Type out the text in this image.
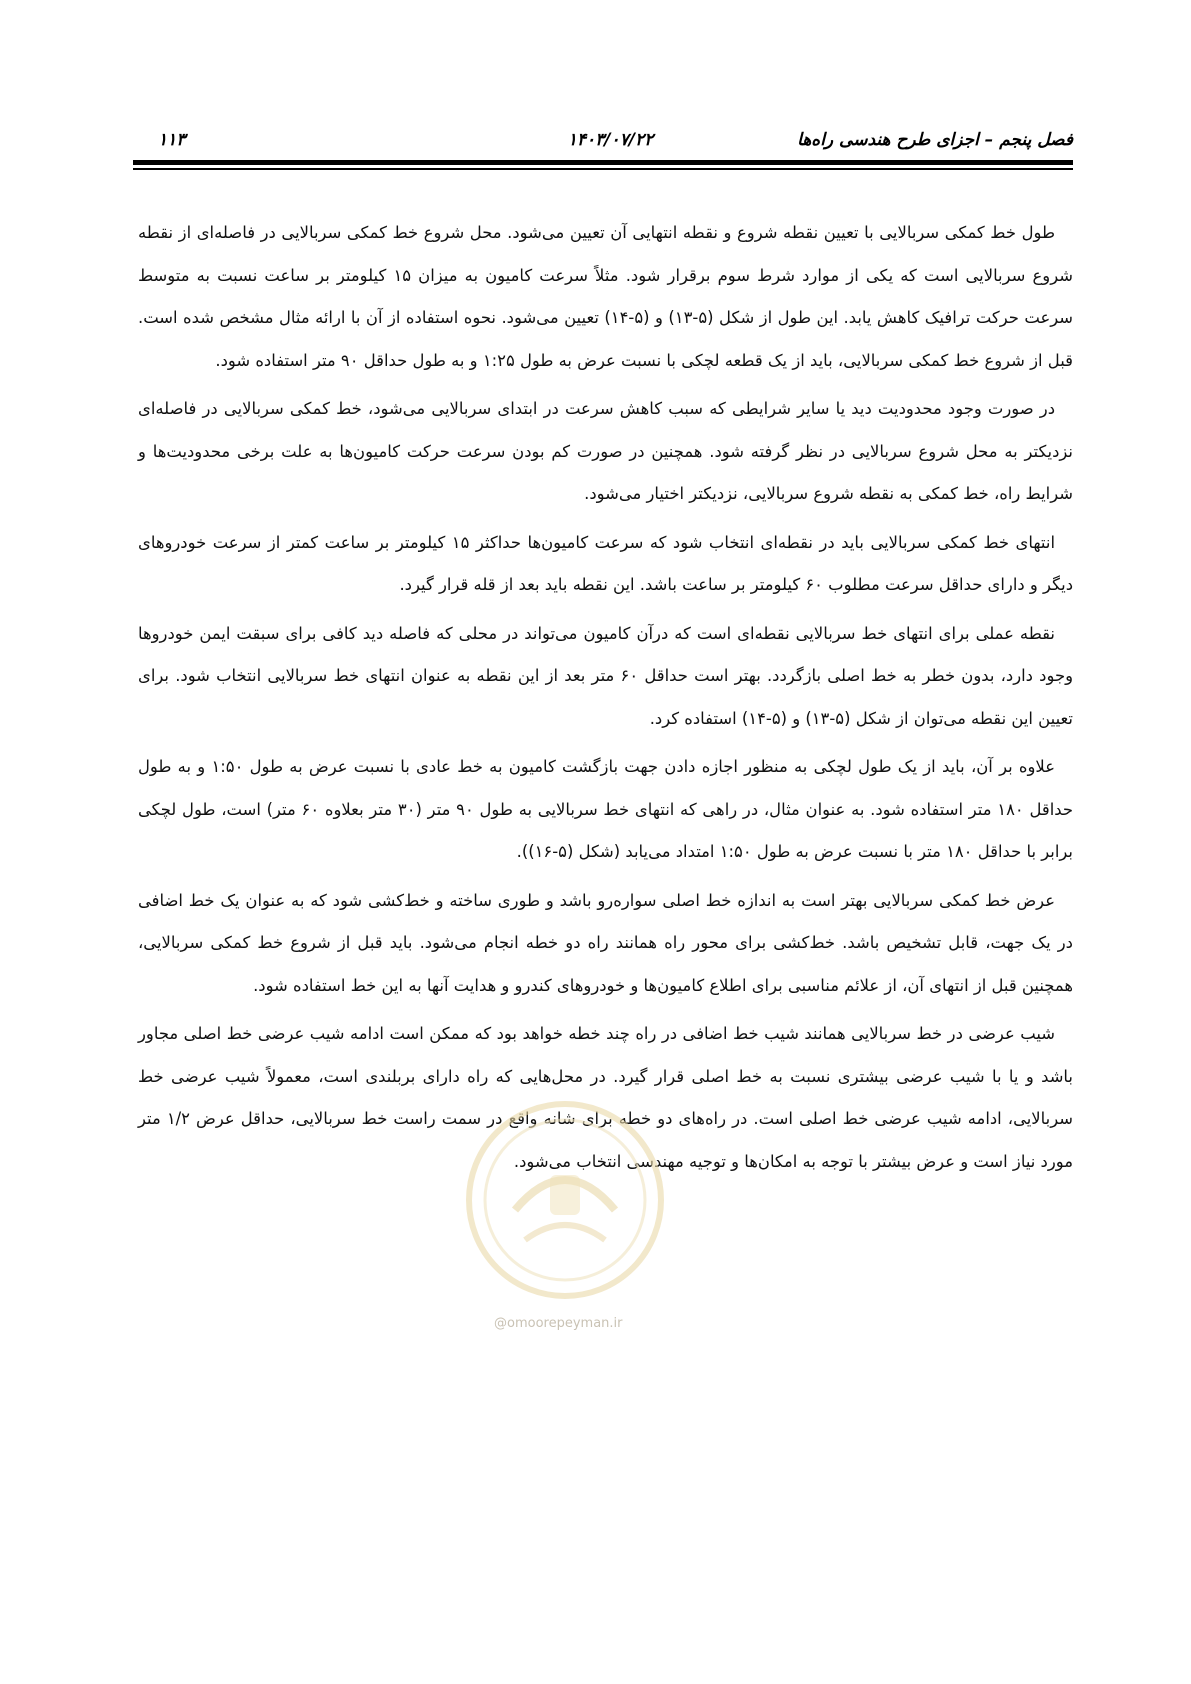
فصل پنجم – اجزای طرح هندسی راه‌ها
۱۴۰۳/۰۷/۲۲
۱۱۳

طول خط کمکی سربالایی با تعیین نقطه شروع و نقطه انتهایی آن تعیین می‌شود. محل شروع خط کمکی سربالایی در فاصله‌ای از نقطه شروع سربالایی است که یکی از موارد شرط سوم برقرار شود. مثلاً سرعت کامیون به میزان ۱۵ کیلومتر بر ساعت نسبت به متوسط سرعت حرکت ترافیک کاهش یابد. این طول از شکل (۵-۱۳) و (۵-۱۴) تعیین می‌شود. نحوه استفاده از آن با ارائه مثال مشخص شده است. قبل از شروع خط کمکی سربالایی، باید از یک قطعه لچکی با نسبت عرض به طول ۱:۲۵ و به طول حداقل ۹۰ متر استفاده شود.

در صورت وجود محدودیت دید یا سایر شرایطی که سبب کاهش سرعت در ابتدای سربالایی می‌شود، خط کمکی سربالایی در فاصله‌ای نزدیکتر به محل شروع سربالایی در نظر گرفته شود. همچنین در صورت کم بودن سرعت حرکت کامیون‌ها به علت برخی محدودیت‌ها و شرایط راه، خط کمکی به نقطه شروع سربالایی، نزدیکتر اختیار می‌شود.

انتهای خط کمکی سربالایی باید در نقطه‌ای انتخاب شود که سرعت کامیون‌ها حداکثر ۱۵ کیلومتر بر ساعت کمتر از سرعت خودروهای دیگر و دارای حداقل سرعت مطلوب ۶۰ کیلومتر بر ساعت باشد. این نقطه باید بعد از قله قرار گیرد.

نقطه عملی برای انتهای خط سربالایی نقطه‌ای است که درآن کامیون می‌تواند در محلی که فاصله دید کافی برای سبقت ایمن خودروها وجود دارد، بدون خطر به خط اصلی بازگردد. بهتر است حداقل ۶۰ متر بعد از این نقطه به عنوان انتهای خط سربالایی انتخاب شود. برای تعیین این نقطه می‌توان از شکل (۵-۱۳) و (۵-۱۴) استفاده کرد.

علاوه بر آن، باید از یک طول لچکی به منظور اجازه دادن جهت بازگشت کامیون به خط عادی با نسبت عرض به طول ۱:۵۰ و به طول حداقل ۱۸۰ متر استفاده شود. به عنوان مثال، در راهی که انتهای خط سربالایی به طول ۹۰ متر (۳۰ متر بعلاوه ۶۰ متر) است، طول لچکی برابر با حداقل ۱۸۰ متر با نسبت عرض به طول ۱:۵۰ امتداد می‌یابد (شکل (۵-۱۶)).

عرض خط کمکی سربالایی بهتر است به اندازه خط اصلی سواره‌رو باشد و طوری ساخته و خط‌کشی شود که به عنوان یک خط اضافی در یک جهت، قابل تشخیص باشد. خط‌کشی برای محور راه همانند راه دو خطه انجام می‌شود. باید قبل از شروع خط کمکی سربالایی، همچنین قبل از انتهای آن، از علائم مناسبی برای اطلاع کامیون‌ها و خودروهای کندرو و هدایت آنها به این خط استفاده شود.

شیب عرضی در خط سربالایی همانند شیب خط اضافی در راه چند خطه خواهد بود که ممکن است ادامه شیب عرضی خط اصلی مجاور باشد و یا با شیب عرضی بیشتری نسبت به خط اصلی قرار گیرد. در محل‌هایی که راه دارای بربلندی است، معمولاً شیب عرضی خط سربالایی، ادامه شیب عرضی خط اصلی است. در راه‌های دو خطه برای شانه واقع در سمت راست خط سربالایی، حداقل عرض ۱/۲ متر مورد نیاز است و عرض بیشتر با توجه به امکان‌ها و توجیه مهندسی انتخاب می‌شود.

@omoorepeyman.ir
